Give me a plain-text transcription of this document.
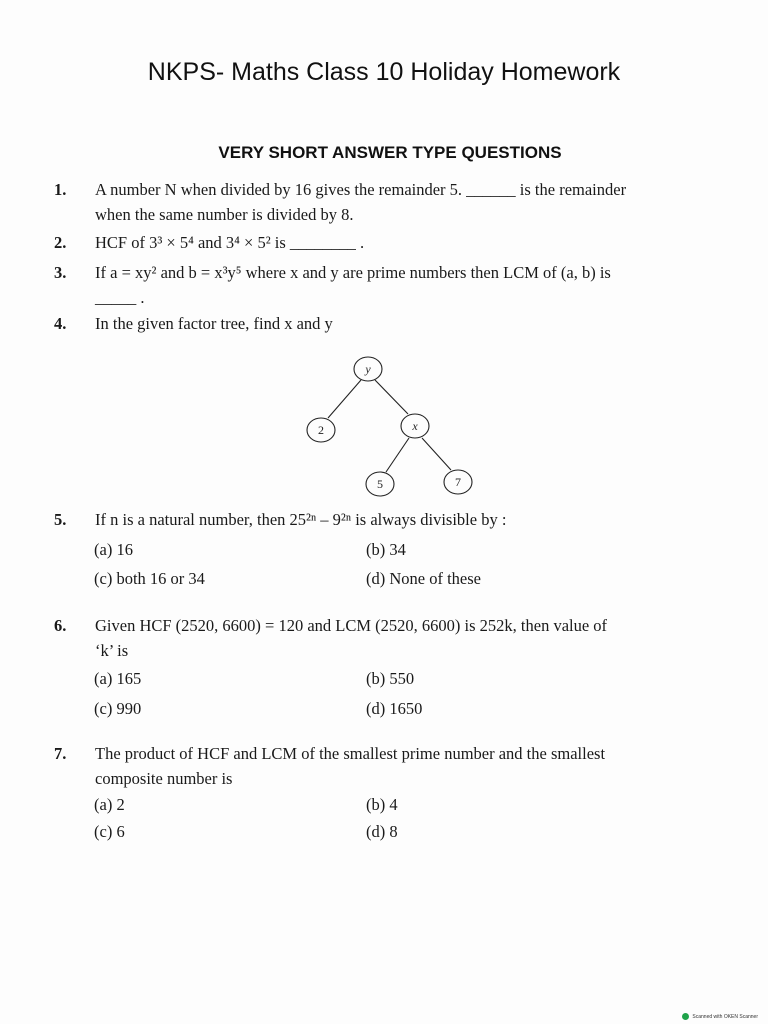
NKPS- Maths Class 10 Holiday Homework
VERY SHORT ANSWER TYPE QUESTIONS
1. A number N when divided by 16 gives the remainder 5. ______ is the remainder
when the same number is divided by 8.
2. HCF of 3³ × 5⁴ and 3⁴ × 5² is ________ .
3. If a = xy² and b = x³y⁵ where x and y are prime numbers then LCM of (a, b) is
_____ .
4. In the given factor tree, find x and y
y
2	x
5	7
5. If n is a natural number, then 25²ⁿ – 9²ⁿ is always divisible by :
(a) 16	(b) 34
(c) both 16 or 34	(d) None of these
6. Given HCF (2520, 6600) = 120 and LCM (2520, 6600) is 252k, then value of
‘k’ is
(a) 165	(b) 550
(c) 990	(d) 1650
7. The product of HCF and LCM of the smallest prime number and the smallest
composite number is
(a) 2	(b) 4
(c) 6	(d) 8
Scanned with OKEN Scanner
